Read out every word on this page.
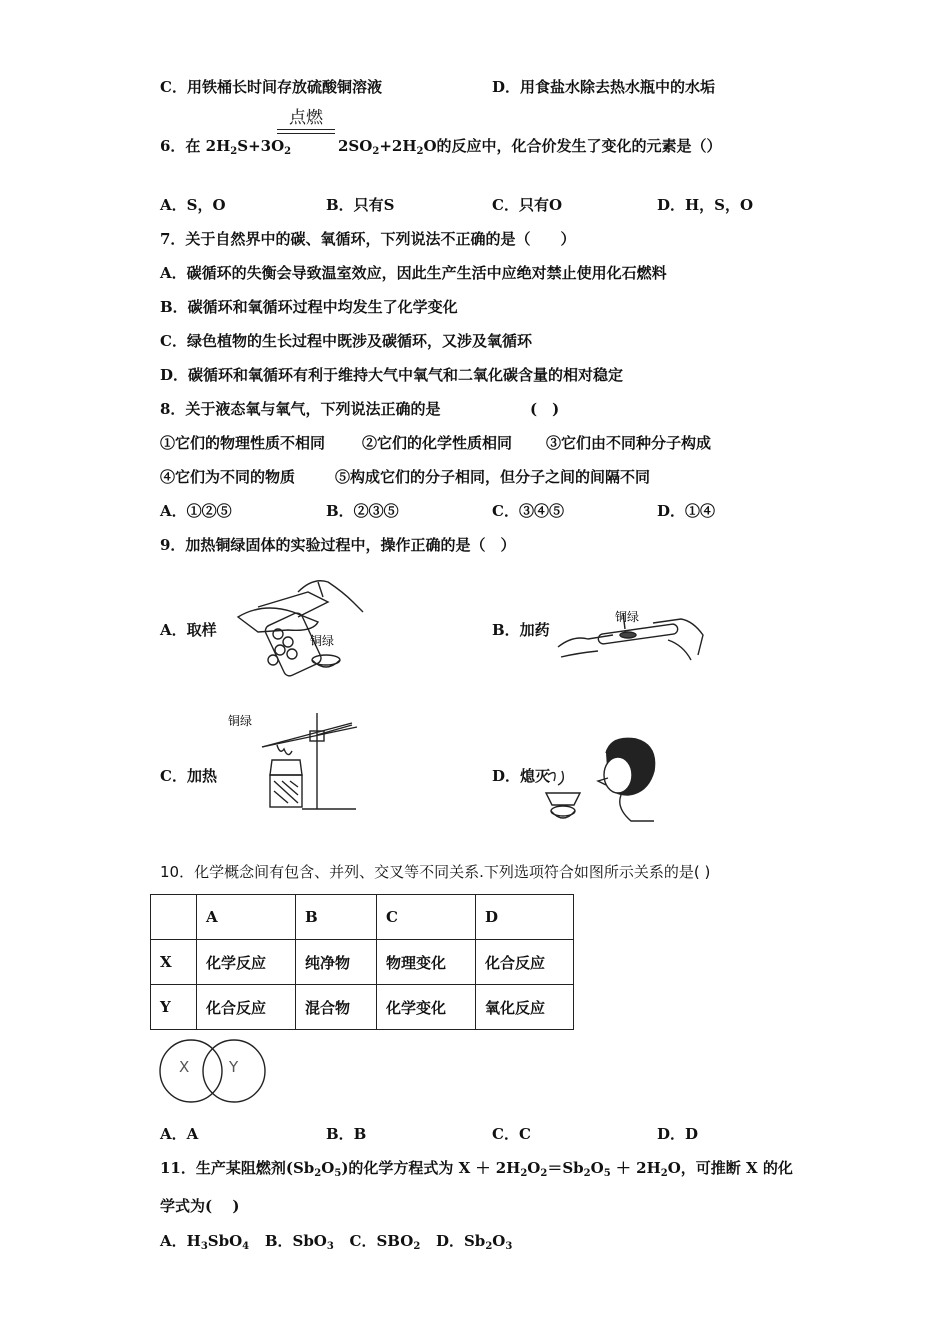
C．用铁桶长时间存放硫酸铜溶液	D．用食盐水除去热水瓶中的水垢
6．在 $2H_2S+3O_2$
点燃
$2SO_2+2H_2O$的反应中，化合价发生了变化的元素是（）
A．S，O	B．只有S	C．只有O	D．H，S，O
7．关于自然界中的碳、氧循环，下列说法不正确的是（　　）
A．碳循环的失衡会导致温室效应，因此生产生活中应绝对禁止使用化石燃料
B．碳循环和氧循环过程中均发生了化学变化
C．绿色植物的生长过程中既涉及碳循环，又涉及氧循环
D．碳循环和氧循环有利于维持大气中氧气和二氧化碳含量的相对稳定
8．关于液态氧与氧气，下列说法正确的是	(　)
①它们的物理性质不相同 ②它们的化学性质相同 ③它们由不同种分子构成
④它们为不同的物质	⑤构成它们的分子相同，但分子之间的间隔不同
A．①②⑤	B．②③⑤	C．③④⑤	D．①④
9．加热铜绿固体的实验过程中，操作正确的是（　）
A．取样	B．加药
C．加热	D．熄灭
铜绿
铜绿
铜绿
10．化学概念间有包含、并列、交叉等不同关系.下列选项符合如图所示关系的是( )
	A	B	C	D
X	化学反应	纯净物	物理变化	化合反应
Y	化合反应	混合物	化学变化	氧化反应
X	Y
A．A	B．B	C．C	D．D
11．生产某阻燃剂$(Sb_2O_5)$的化学方程式为 $X + 2H_2O_2=Sb_2O_5 + 2H_2O$，可推断 X 的化
学式为(　 )
A．$H_3SbO_4$ B．SbO$_3$ C．$SBO_2$ D．$Sb_2O_3$
